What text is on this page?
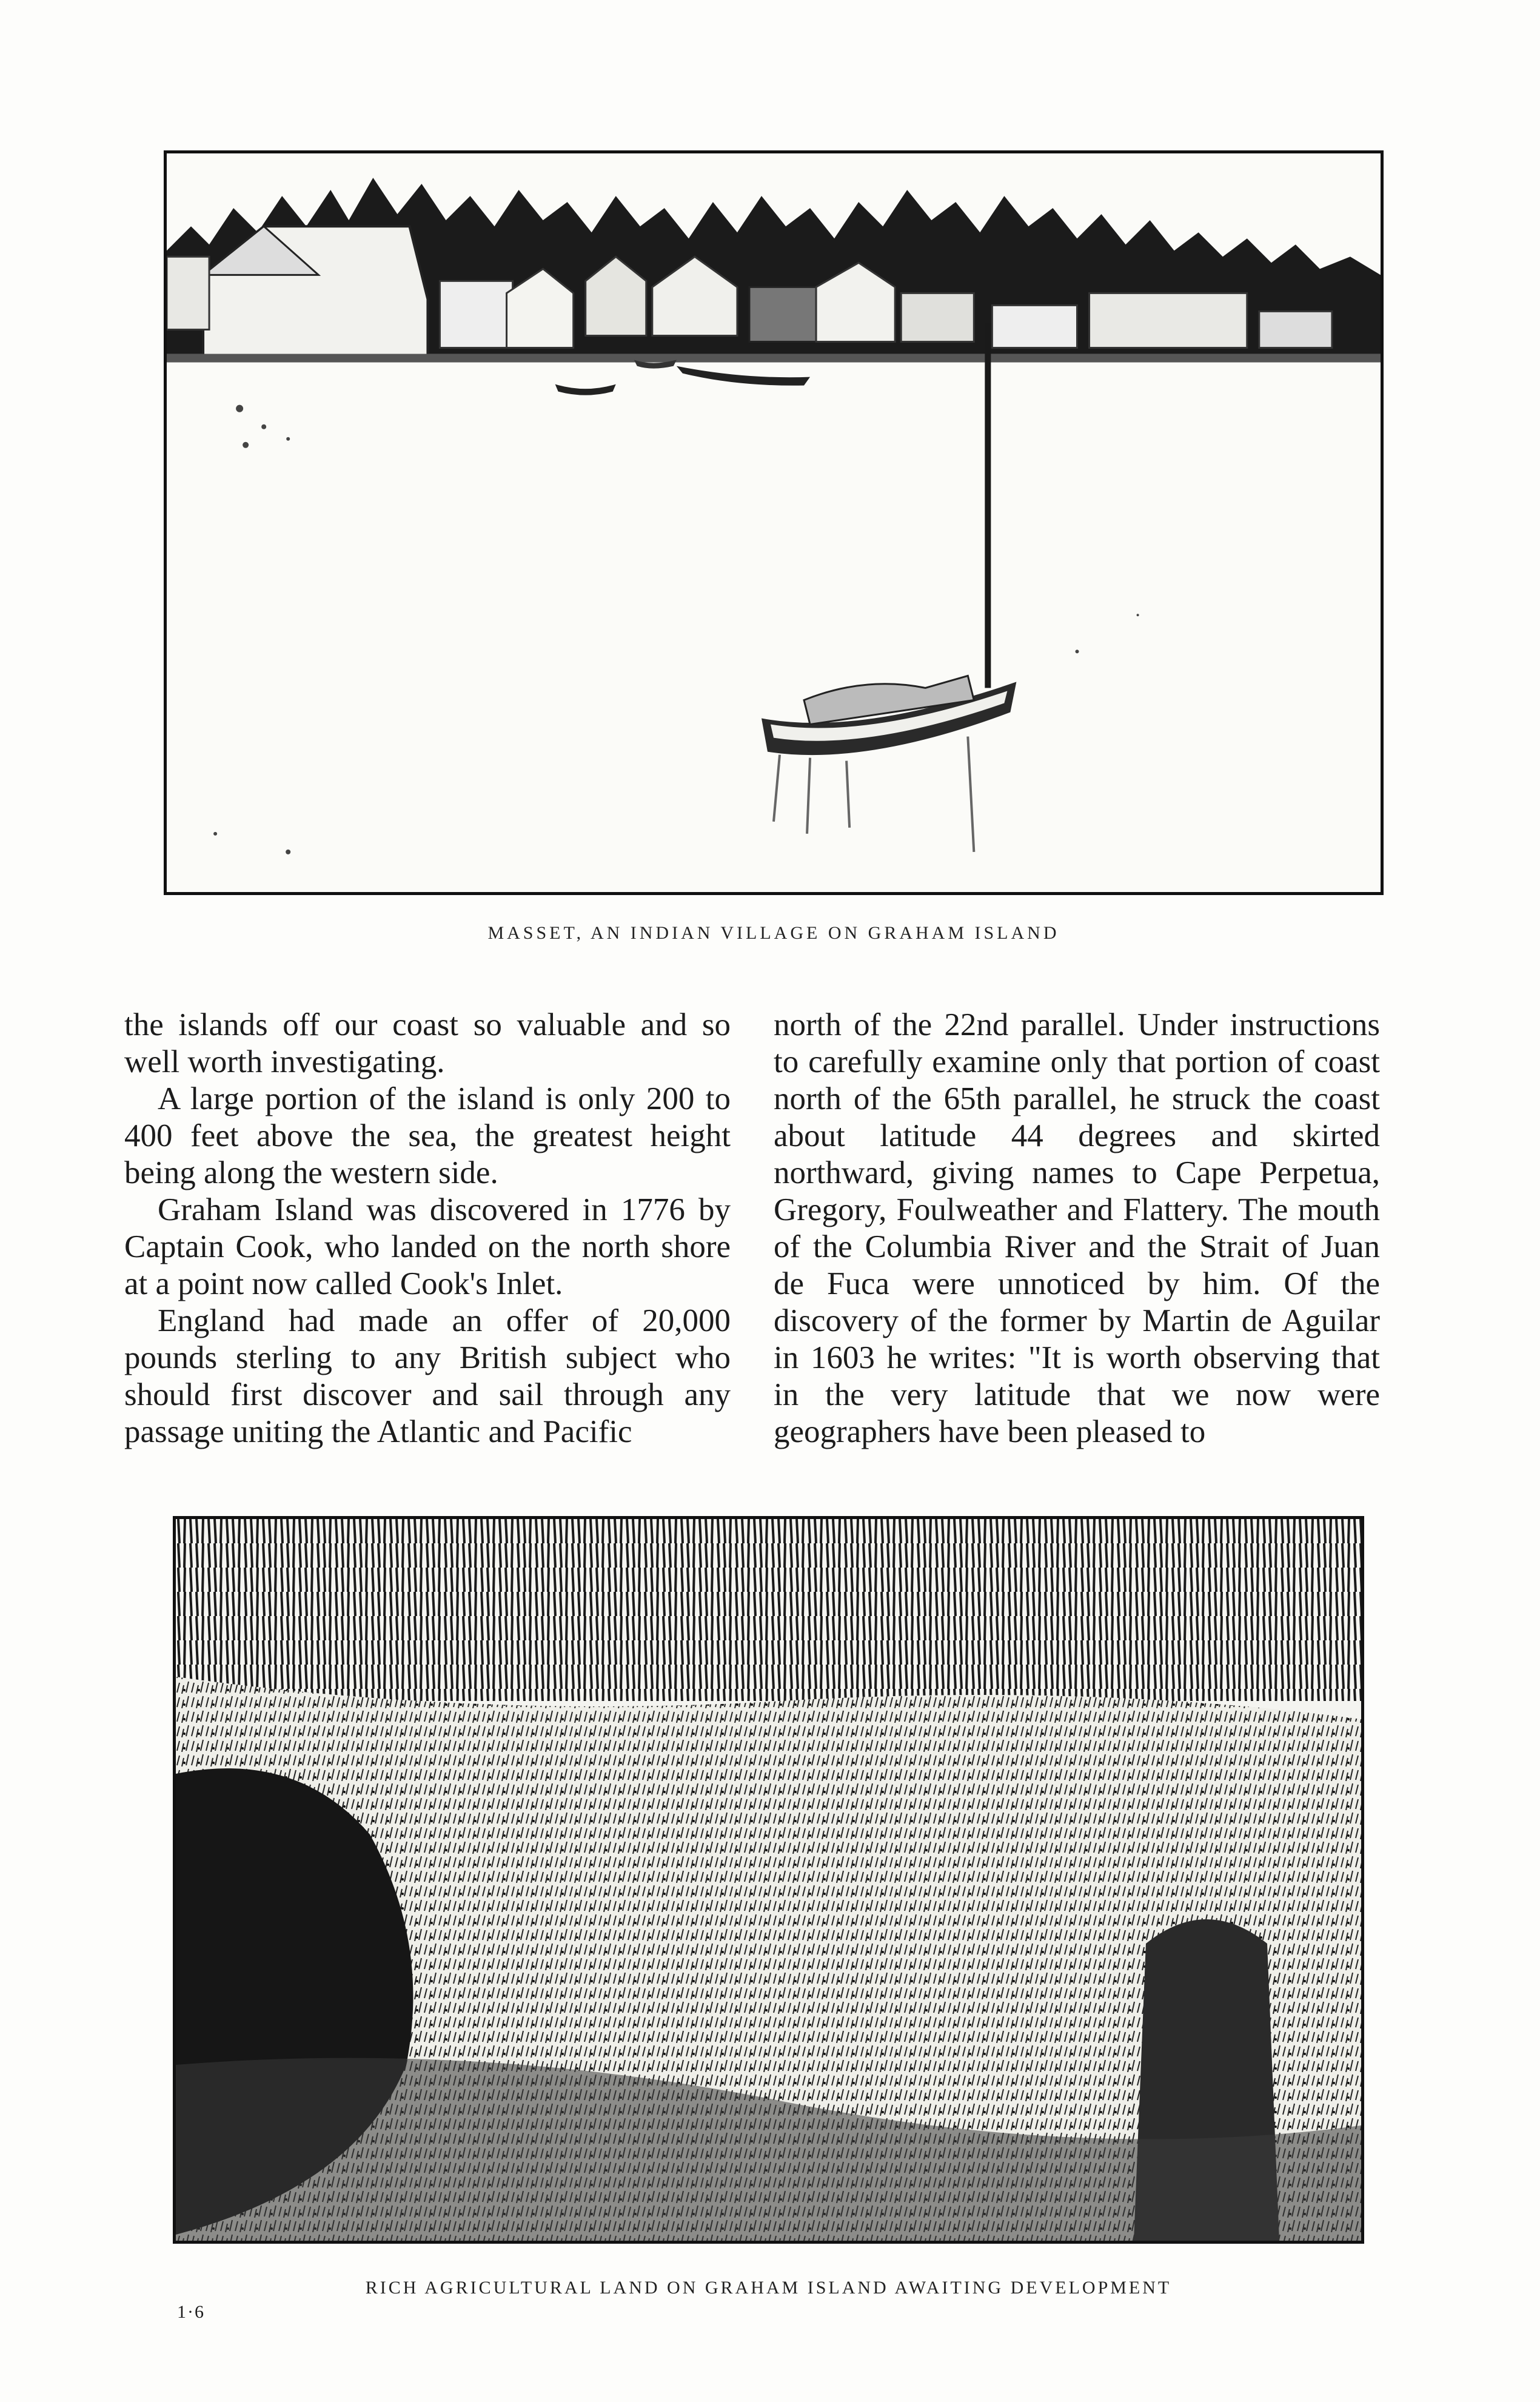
MASSET, AN INDIAN VILLAGE ON GRAHAM ISLAND

the islands off our coast so valuable and so well worth investigating.

A large portion of the island is only 200 to 400 feet above the sea, the greatest height being along the western side.

Graham Island was discovered in 1776 by Captain Cook, who landed on the north shore at a point now called Cook's Inlet.

England had made an offer of 20,000 pounds sterling to any British subject who should first discover and sail through any passage uniting the Atlantic and Pacific

north of the 22nd parallel. Under instructions to carefully examine only that portion of coast north of the 65th parallel, he struck the coast about latitude 44 degrees and skirted northward, giving names to Cape Perpetua, Gregory, Foulweather and Flattery. The mouth of the Columbia River and the Strait of Juan de Fuca were unnoticed by him. Of the discovery of the former by Martin de Aguilar in 1603 he writes: "It is worth observing that in the very latitude that we now were geographers have been pleased to

RICH AGRICULTURAL LAND ON GRAHAM ISLAND AWAITING DEVELOPMENT
1·6
